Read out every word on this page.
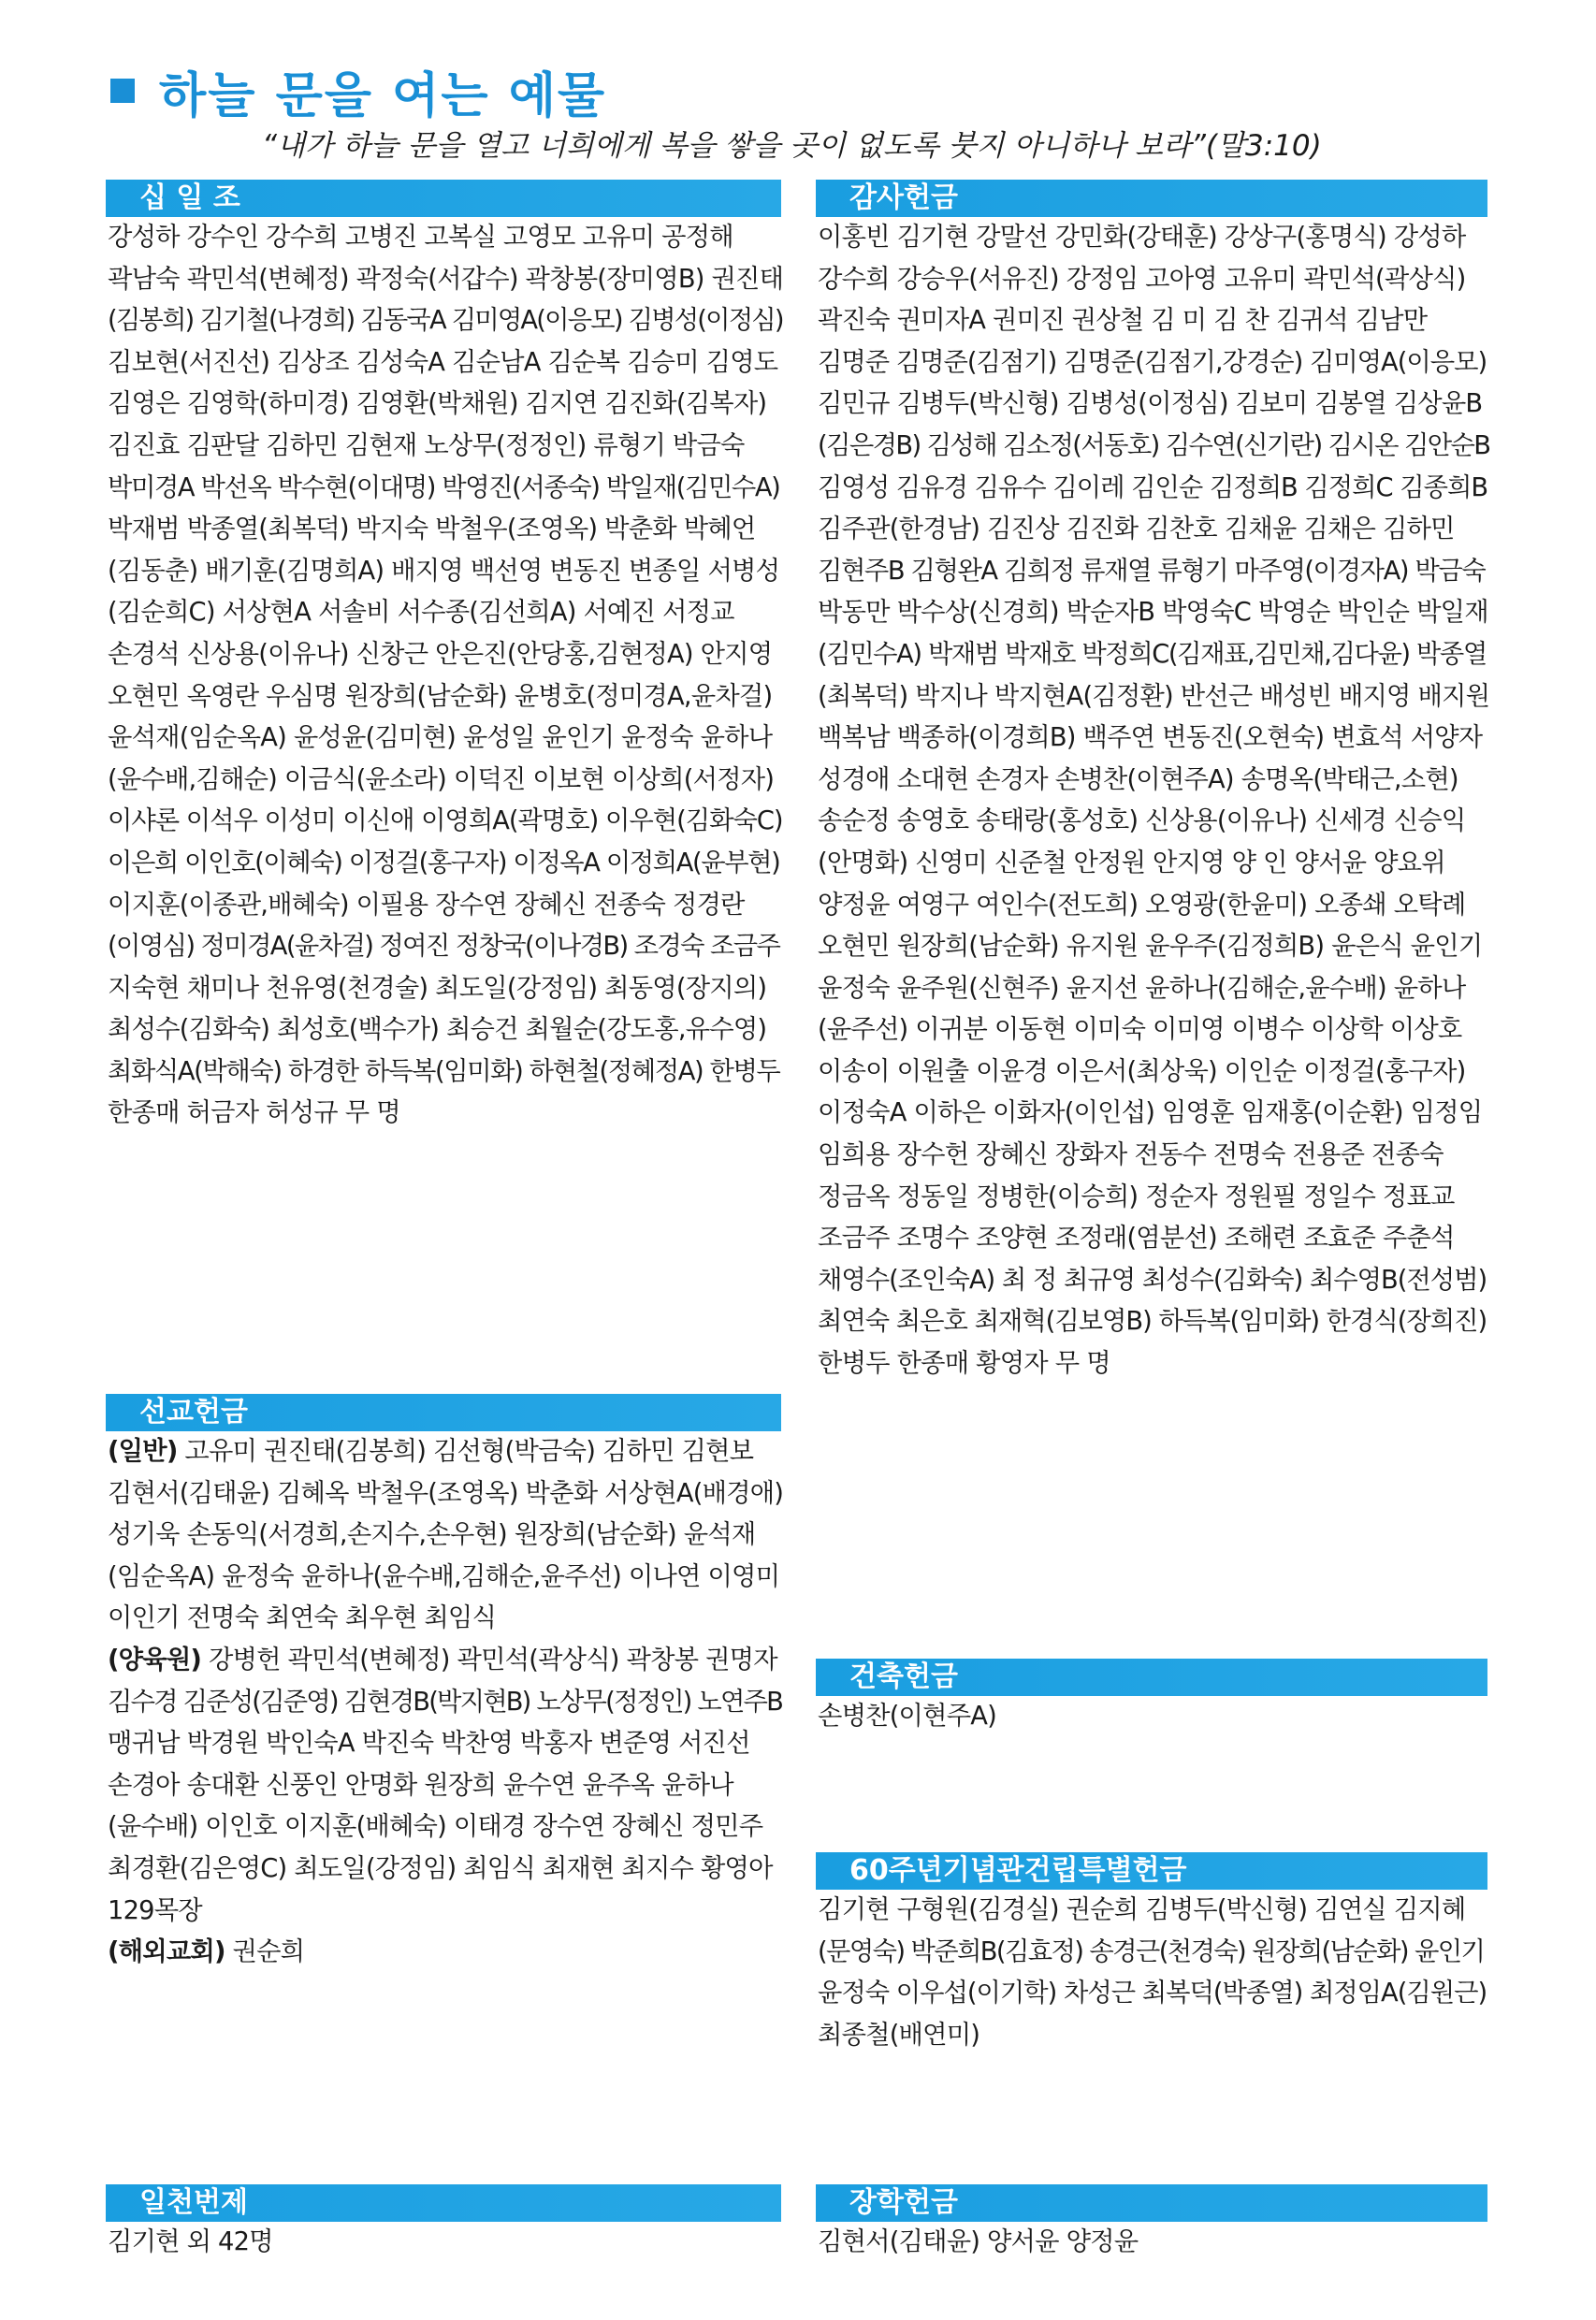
하늘 문을 여는 예물
“내가 하늘 문을 열고 너희에게 복을 쌓을 곳이 없도록 붓지 아니하나 보라”(말3:10)
십 일 조
강성하 강수인 강수희 고병진 고복실 고영모 고유미 공정해
곽남숙 곽민석(변혜정) 곽정숙(서갑수) 곽창봉(장미영B) 권진태
(김봉희) 김기철(나경희) 김동국A 김미영A(이응모) 김병성(이정심)
김보현(서진선) 김상조 김성숙A 김순남A 김순복 김승미 김영도
김영은 김영학(하미경) 김영환(박채원) 김지연 김진화(김복자)
김진효 김판달 김하민 김현재 노상무(정정인) 류형기 박금숙
박미경A 박선옥 박수현(이대명) 박영진(서종숙) 박일재(김민수A)
박재범 박종열(최복덕) 박지숙 박철우(조영옥) 박춘화 박혜언
(김동춘) 배기훈(김명희A) 배지영 백선영 변동진 변종일 서병성
(김순희C) 서상현A 서솔비 서수종(김선희A) 서예진 서정교
손경석 신상용(이유나) 신창근 안은진(안당홍,김현정A) 안지영
오현민 옥영란 우심명 원장희(남순화) 윤병호(정미경A,윤차걸)
윤석재(임순옥A) 윤성윤(김미현) 윤성일 윤인기 윤정숙 윤하나
(윤수배,김해순) 이금식(윤소라) 이덕진 이보현 이상희(서정자)
이샤론 이석우 이성미 이신애 이영희A(곽명호) 이우현(김화숙C)
이은희 이인호(이혜숙) 이정걸(홍구자) 이정옥A 이정희A(윤부현)
이지훈(이종관,배혜숙) 이필용 장수연 장혜신 전종숙 정경란
(이영심) 정미경A(윤차걸) 정여진 정창국(이나경B) 조경숙 조금주
지숙현 채미나 천유영(천경술) 최도일(강정임) 최동영(장지의)
최성수(김화숙) 최성호(백수가) 최승건 최월순(강도홍,유수영)
최화식A(박해숙) 하경한 하득복(임미화) 하현철(정혜정A) 한병두
한종매 허금자 허성규 무 명
선교헌금
(일반) 고유미 권진태(김봉희) 김선형(박금숙) 김하민 김현보
김현서(김태윤) 김혜옥 박철우(조영옥) 박춘화 서상현A(배경애)
성기욱 손동익(서경희,손지수,손우현) 원장희(남순화) 윤석재
(임순옥A) 윤정숙 윤하나(윤수배,김해순,윤주선) 이나연 이영미
이인기 전명숙 최연숙 최우현 최임식
(양육원) 강병헌 곽민석(변혜정) 곽민석(곽상식) 곽창봉 권명자
김수경 김준성(김준영) 김현경B(박지현B) 노상무(정정인) 노연주B
맹귀남 박경원 박인숙A 박진숙 박찬영 박홍자 변준영 서진선
손경아 송대환 신풍인 안명화 원장희 윤수연 윤주옥 윤하나
(윤수배) 이인호 이지훈(배혜숙) 이태경 장수연 장혜신 정민주
최경환(김은영C) 최도일(강정임) 최임식 최재현 최지수 황영아
129목장
(해외교회) 권순희
일천번제
김기현 외 42명
감사헌금
이홍빈 김기현 강말선 강민화(강태훈) 강상구(홍명식) 강성하
강수희 강승우(서유진) 강정임 고아영 고유미 곽민석(곽상식)
곽진숙 권미자A 권미진 권상철 김 미 김 찬 김귀석 김남만
김명준 김명준(김점기) 김명준(김점기,강경순) 김미영A(이응모)
김민규 김병두(박신형) 김병성(이정심) 김보미 김봉열 김상윤B
(김은경B) 김성해 김소정(서동호) 김수연(신기란) 김시온 김안순B
김영성 김유경 김유수 김이레 김인순 김정희B 김정희C 김종희B
김주관(한경남) 김진상 김진화 김찬호 김채윤 김채은 김하민
김현주B 김형완A 김희정 류재열 류형기 마주영(이경자A) 박금숙
박동만 박수상(신경희) 박순자B 박영숙C 박영순 박인순 박일재
(김민수A) 박재범 박재호 박정희C(김재표,김민채,김다윤) 박종열
(최복덕) 박지나 박지현A(김정환) 반선근 배성빈 배지영 배지원
백복남 백종하(이경희B) 백주연 변동진(오현숙) 변효석 서양자
성경애 소대현 손경자 손병찬(이현주A) 송명옥(박태근,소현)
송순정 송영호 송태랑(홍성호) 신상용(이유나) 신세경 신승익
(안명화) 신영미 신준철 안정원 안지영 양 인 양서윤 양요위
양정윤 여영구 여인수(전도희) 오영광(한윤미) 오종쇄 오탁례
오현민 원장희(남순화) 유지원 윤우주(김정희B) 윤은식 윤인기
윤정숙 윤주원(신현주) 윤지선 윤하나(김해순,윤수배) 윤하나
(윤주선) 이귀분 이동현 이미숙 이미영 이병수 이상학 이상호
이송이 이원출 이윤경 이은서(최상욱) 이인순 이정걸(홍구자)
이정숙A 이하은 이화자(이인섭) 임영훈 임재홍(이순환) 임정임
임희용 장수헌 장혜신 장화자 전동수 전명숙 전용준 전종숙
정금옥 정동일 정병한(이승희) 정순자 정원필 정일수 정표교
조금주 조명수 조양현 조정래(염분선) 조해련 조효준 주춘석
채영수(조인숙A) 최 정 최규영 최성수(김화숙) 최수영B(전성범)
최연숙 최은호 최재혁(김보영B) 하득복(임미화) 한경식(장희진)
한병두 한종매 황영자 무 명
건축헌금
손병찬(이현주A)
60주년기념관건립특별헌금
김기현 구형원(김경실) 권순희 김병두(박신형) 김연실 김지혜
(문영숙) 박준희B(김효정) 송경근(천경숙) 원장희(남순화) 윤인기
윤정숙 이우섭(이기학) 차성근 최복덕(박종열) 최정임A(김원근)
최종철(배연미)
장학헌금
김현서(김태윤) 양서윤 양정윤
